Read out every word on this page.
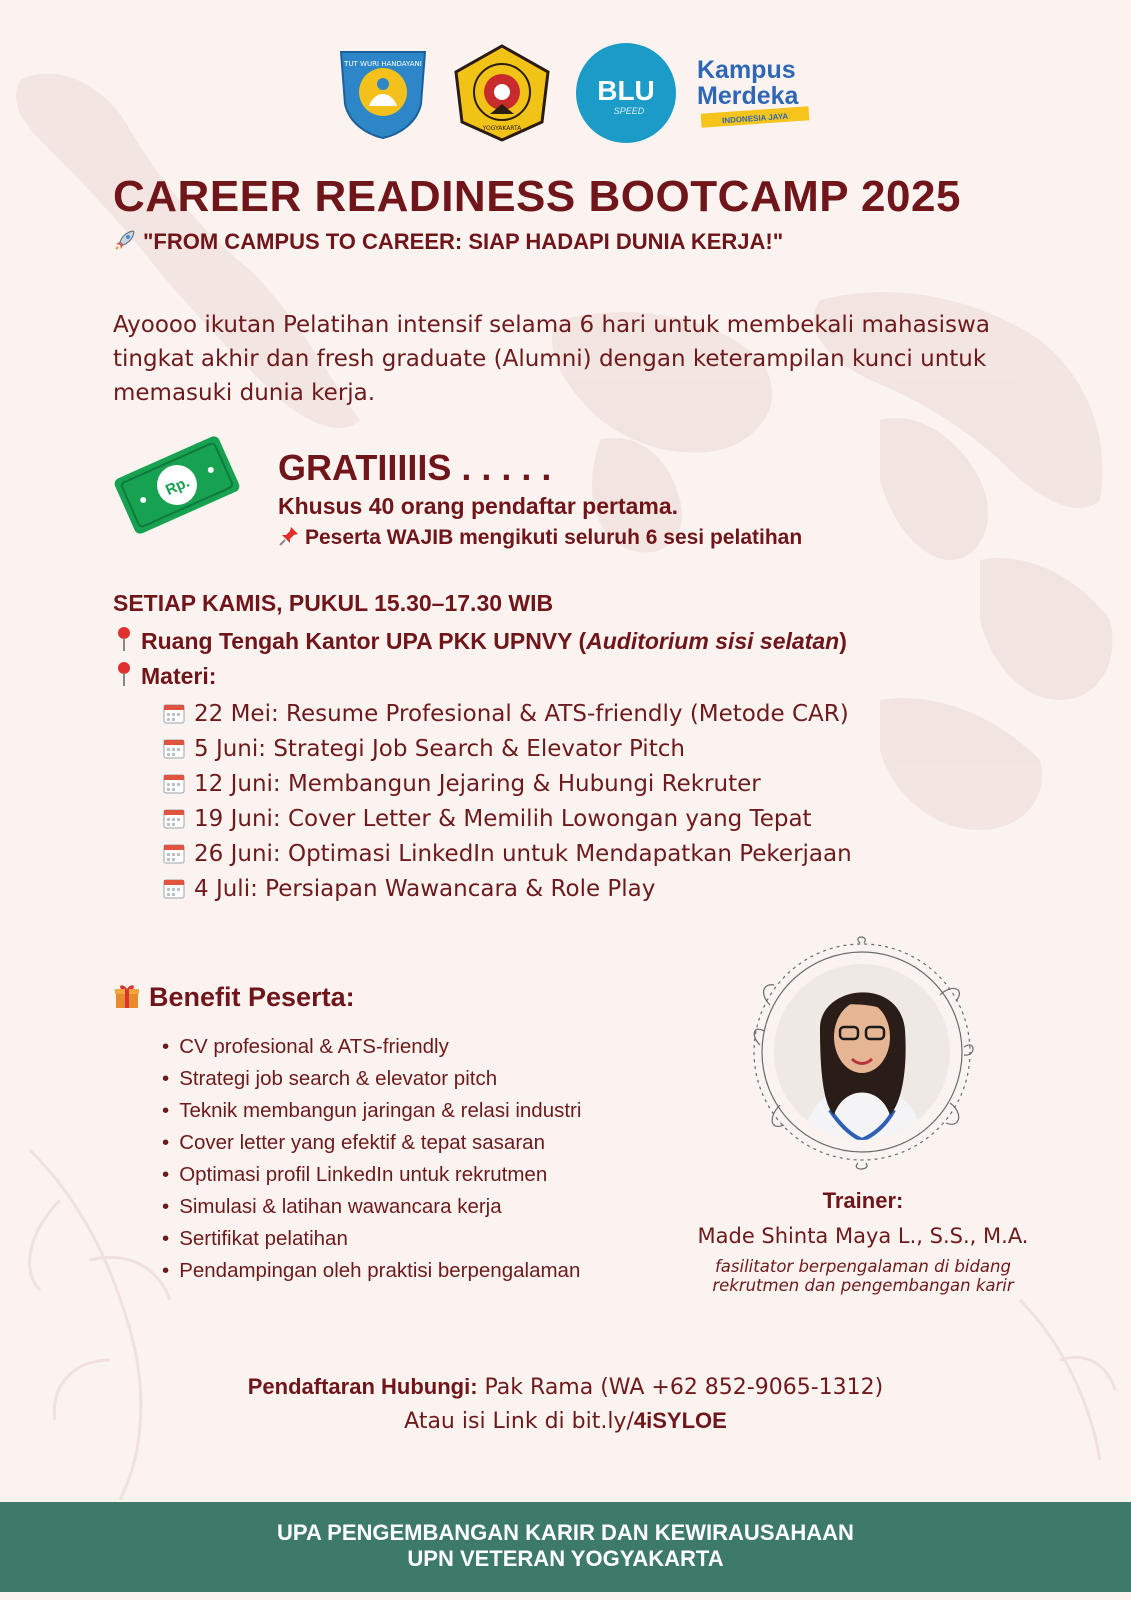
TUT WURI HANDAYANI
YOGYAKARTA
BLU
SPEED
Kampus
Merdeka
INDONESIA JAYA
CAREER READINESS BOOTCAMP 2025
"FROM CAMPUS TO CAREER: SIAP HADAPI DUNIA KERJA!"
Ayoooo ikutan Pelatihan intensif selama 6 hari untuk membekali mahasiswa tingkat akhir dan fresh graduate (Alumni) dengan keterampilan kunci untuk memasuki dunia kerja.
Rp. GRATIIIIIS . . . . .
Khusus 40 orang pendaftar pertama.
Peserta WAJIB mengikuti seluruh 6 sesi pelatihan
SETIAP KAMIS, PUKUL 15.30–17.30 WIB
Ruang Tengah Kantor UPA PKK UPNVY (Auditorium sisi selatan)
Materi:
22 Mei: Resume Profesional & ATS-friendly (Metode CAR)
5 Juni: Strategi Job Search & Elevator Pitch
12 Juni: Membangun Jejaring & Hubungi Rekruter
19 Juni: Cover Letter & Memilih Lowongan yang Tepat
26 Juni: Optimasi LinkedIn untuk Mendapatkan Pekerjaan
4 Juli: Persiapan Wawancara & Role Play
Benefit Peserta:
• CV profesional & ATS-friendly
• Strategi job search & elevator pitch
• Teknik membangun jaringan & relasi industri
• Cover letter yang efektif & tepat sasaran
• Optimasi profil LinkedIn untuk rekrutmen
• Simulasi & latihan wawancara kerja
• Sertifikat pelatihan
• Pendampingan oleh praktisi berpengalaman
Trainer:
Made Shinta Maya L., S.S., M.A.
fasilitator berpengalaman di bidang
rekrutmen dan pengembangan karir
Pendaftaran Hubungi: Pak Rama (WA +62 852-9065-1312)
Atau isi Link di bit.ly/4iSYLOE
UPA PENGEMBANGAN KARIR DAN KEWIRAUSAHAAN
UPN VETERAN YOGYAKARTA
